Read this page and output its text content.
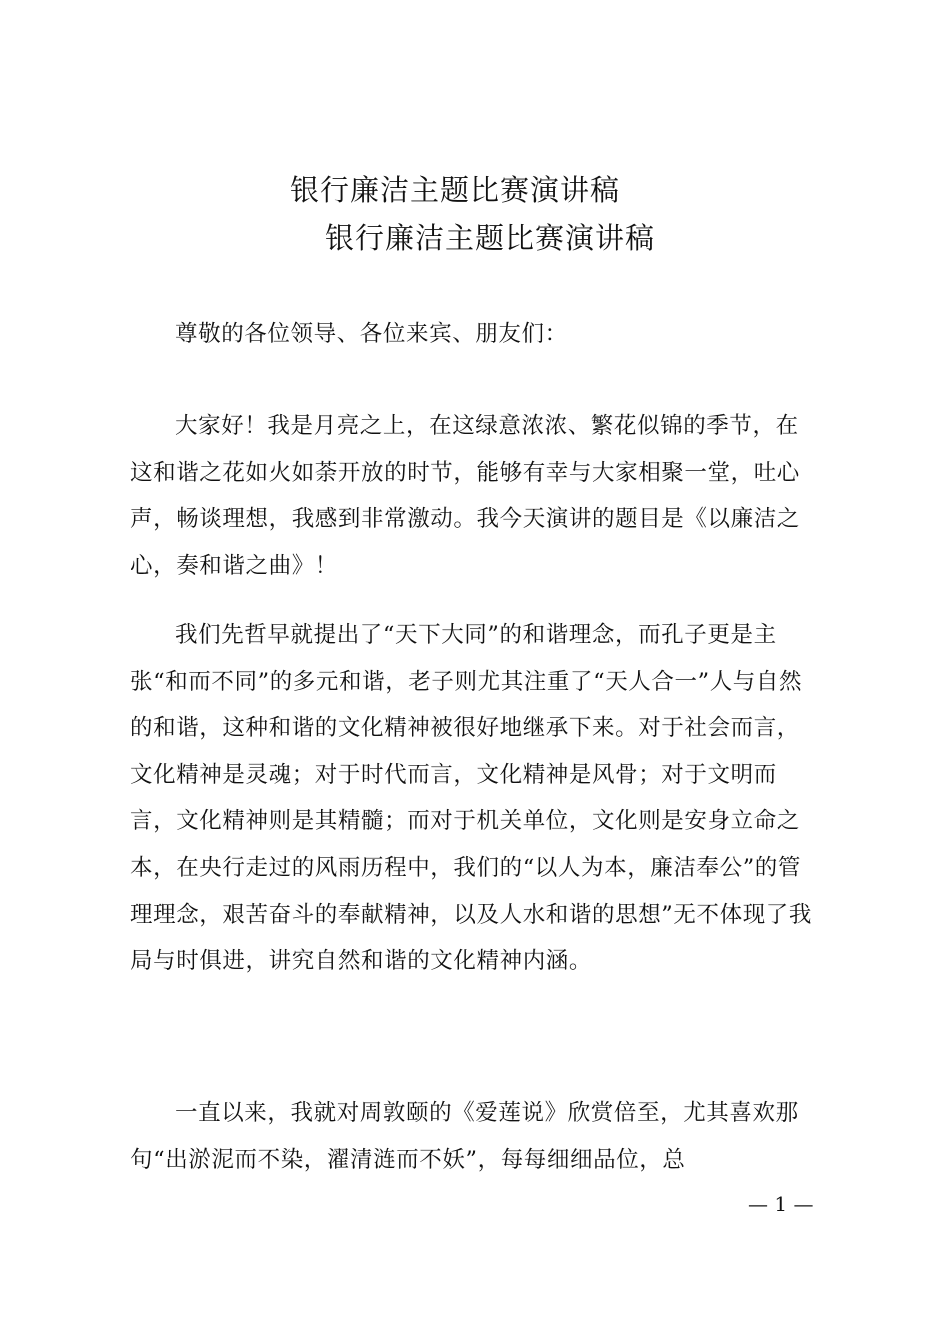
银行廉洁主题比赛演讲稿
银行廉洁主题比赛演讲稿

尊敬的各位领导、各位来宾、朋友们：

大家好！我是月亮之上，在这绿意浓浓、繁花似锦的季节，在这和谐之花如火如荼开放的时节，能够有幸与大家相聚一堂，吐心声，畅谈理想，我感到非常激动。我今天演讲的题目是《以廉洁之心，奏和谐之曲》！

我们先哲早就提出了“天下大同”的和谐理念，而孔子更是主张“和而不同”的多元和谐，老子则尤其注重了“天人合一”人与自然的和谐，这种和谐的文化精神被很好地继承下来。对于社会而言，文化精神是灵魂；对于时代而言，文化精神是风骨；对于文明而言，文化精神则是其精髓；而对于机关单位，文化则是安身立命之本，在央行走过的风雨历程中，我们的“以人为本，廉洁奉公”的管理理念，艰苦奋斗的奉献精神，以及人水和谐的思想”无不体现了我局与时俱进，讲究自然和谐的文化精神内涵。

一直以来，我就对周敦颐的《爱莲说》欣赏倍至，尤其喜欢那句“出淤泥而不染，濯清涟而不妖”，每每细细品位，总

— 1 —
